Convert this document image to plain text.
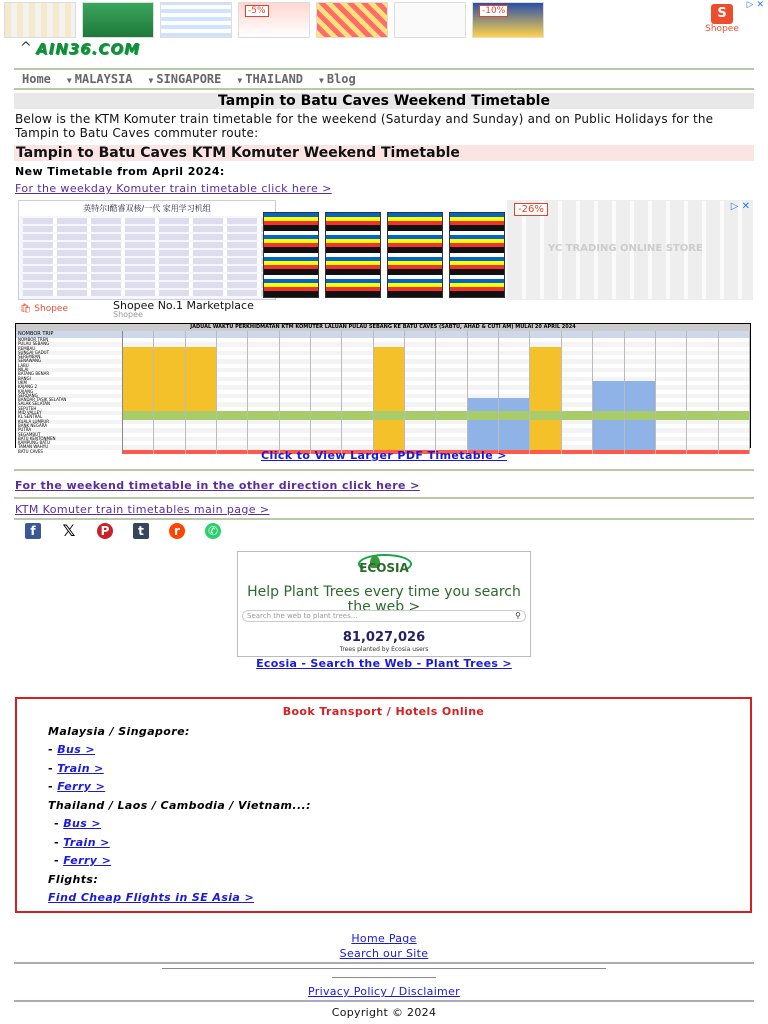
-5%	-10%	S
Shopee
▷ ✕
^ AIN36.COM
Home ▼ MALAYSIA ▼ SINGAPORE ▼ THAILAND ▼ Blog
Tampin to Batu Caves Weekend Timetable

Below is the KTM Komuter train timetable for the weekend (Saturday and Sunday) and on Public Holidays for the Tampin to Batu Caves commuter route:

Tampin to Batu Caves KTM Komuter Weekend Timetable

New Timetable from April 2024:

For the weekday Komuter train timetable click here >
英特尔I酷睿双核/一代 家用学习机组	-26%
YC TRADING ONLINE STORE
▷ ✕
🛍 Shopee	Shopee No.1 Marketplace
Shopee
JADUAL WAKTU PERKHIDMATAN KTM KOMUTER LALUAN PULAU SEBANG KE BATU CAVES (SABTU, AHAD & CUTI AM) MULAI 20 APRIL 2024
NOMBOR TRIP
NOMBOR TREN
PULAU SEBANG
REMBAU
SUNGAI GADUT
SEREMBAN
SENAWANG
LABU
NILAI
BATANG BENAR
BANGI
UKM
KAJANG 2
KAJANG
SERDANG
BANDAR TASIK SELATAN
SALAK SELATAN
SEPUTEH
MID VALLEY
KL SENTRAL
KUALA LUMPUR
BANK NEGARA
PUTRA
SEGAMBUT
BATU KENTONMEN
KAMPUNG BATU
TAMAN WAHYU
BATU CAVES	Click to View Larger PDF Timetable >
For the weekend timetable in the other direction click here >
KTM Komuter train timetables main page >
f	𝕏 P	t	r	✆
ECOSIA
Help Plant Trees every time you search the web >
Search the web to plant trees...	⚲
81,027,026
Trees planted by Ecosia users
Ecosia - Search the Web - Plant Trees >
Book Transport / Hotels Online
Malaysia / Singapore:
- Bus >
- Train >
- Ferry >
Thailand / Laos / Cambodia / Vietnam...:
- Bus >
- Train >
- Ferry >
Flights:
Find Cheap Flights in SE Asia >
Home Page
Search our Site
Privacy Policy / Disclaimer
Copyright © 2024
